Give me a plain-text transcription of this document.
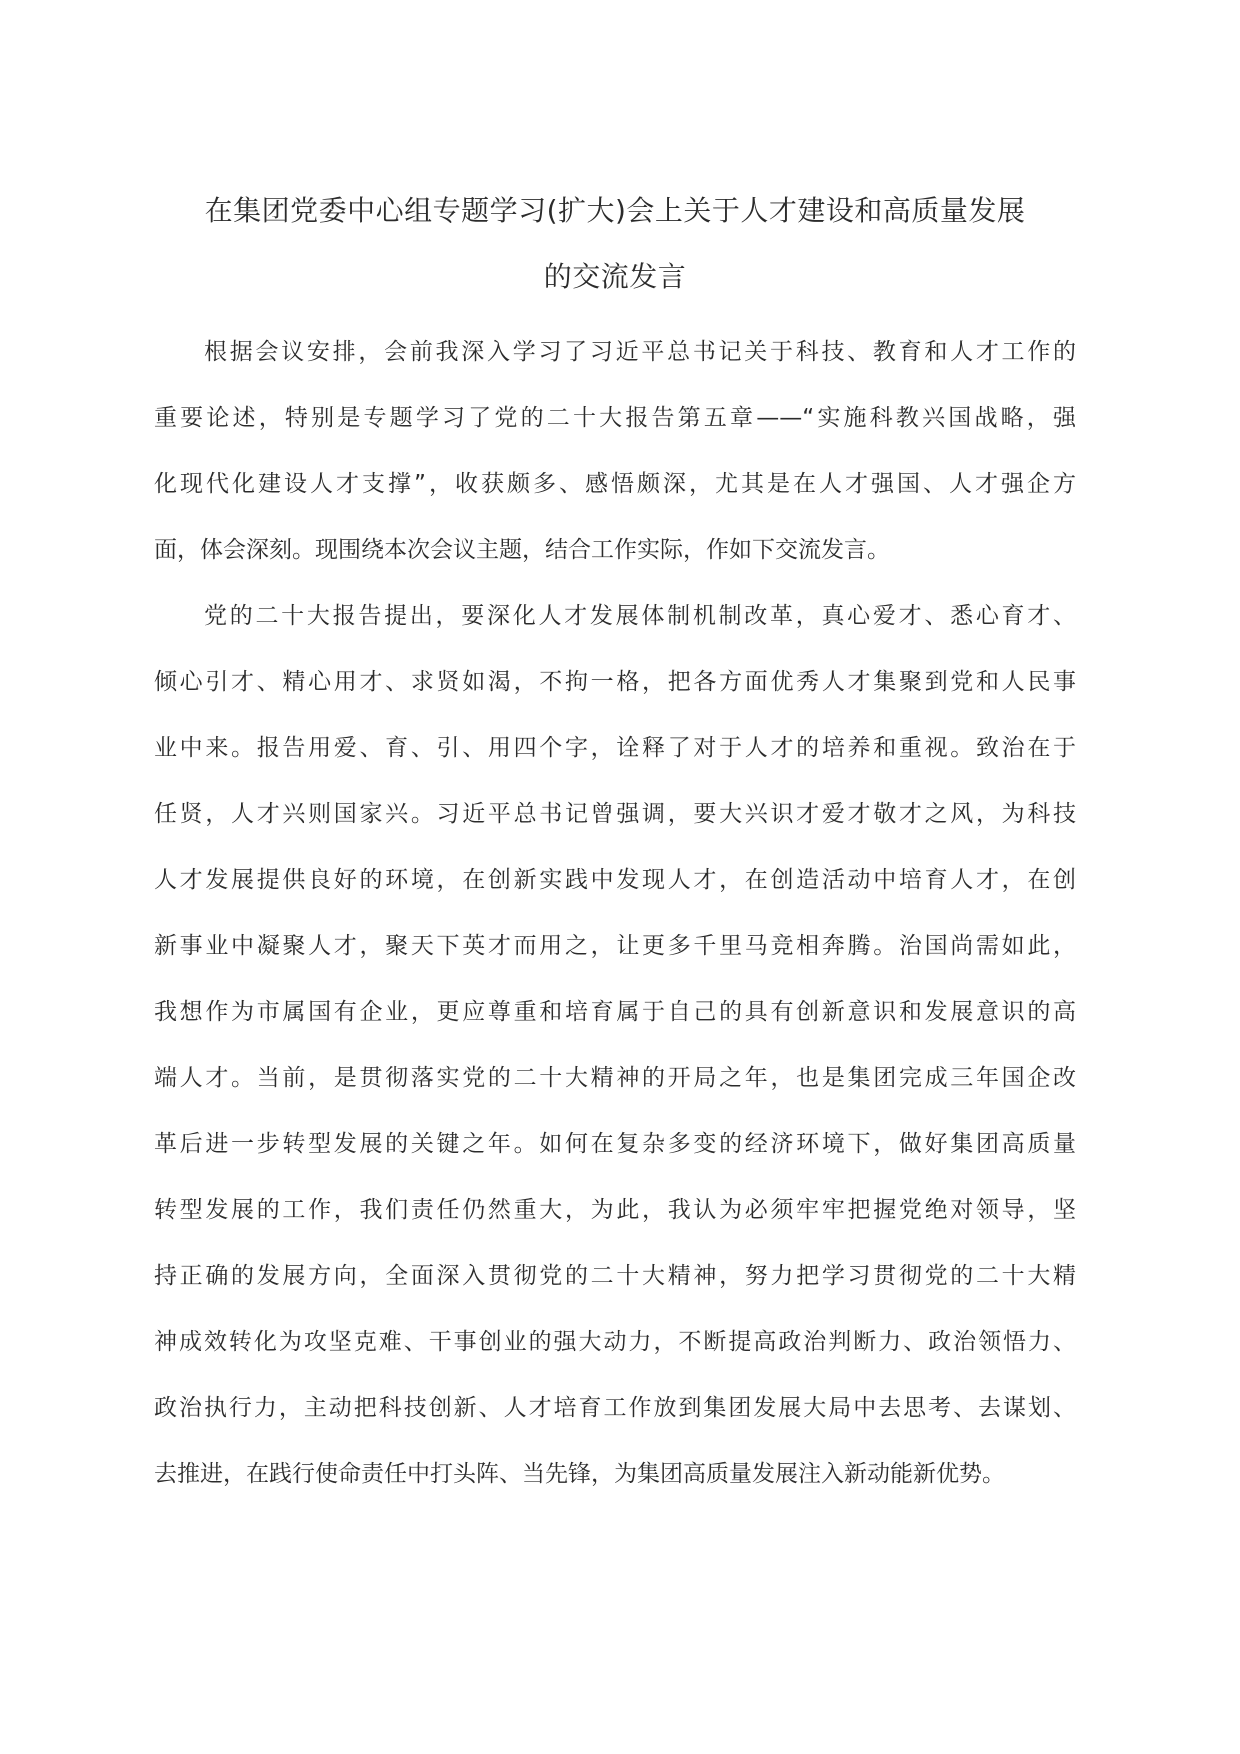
在集团党委中心组专题学习(扩大)会上关于人才建设和高质量发展
的交流发言

根据会议安排，会前我深入学习了习近平总书记关于科技、教育和人才工作的
重要论述，特别是专题学习了党的二十大报告第五章——“实施科教兴国战略，强
化现代化建设人才支撑”，收获颇多、感悟颇深，尤其是在人才强国、人才强企方
面，体会深刻。现围绕本次会议主题，结合工作实际，作如下交流发言。

党的二十大报告提出，要深化人才发展体制机制改革，真心爱才、悉心育才、
倾心引才、精心用才、求贤如渴，不拘一格，把各方面优秀人才集聚到党和人民事
业中来。报告用爱、育、引、用四个字，诠释了对于人才的培养和重视。致治在于
任贤，人才兴则国家兴。习近平总书记曾强调，要大兴识才爱才敬才之风，为科技
人才发展提供良好的环境，在创新实践中发现人才，在创造活动中培育人才，在创
新事业中凝聚人才，聚天下英才而用之，让更多千里马竞相奔腾。治国尚需如此，
我想作为市属国有企业，更应尊重和培育属于自己的具有创新意识和发展意识的高
端人才。当前，是贯彻落实党的二十大精神的开局之年，也是集团完成三年国企改
革后进一步转型发展的关键之年。如何在复杂多变的经济环境下，做好集团高质量
转型发展的工作，我们责任仍然重大，为此，我认为必须牢牢把握党绝对领导，坚
持正确的发展方向，全面深入贯彻党的二十大精神，努力把学习贯彻党的二十大精
神成效转化为攻坚克难、干事创业的强大动力，不断提高政治判断力、政治领悟力、
政治执行力，主动把科技创新、人才培育工作放到集团发展大局中去思考、去谋划、
去推进，在践行使命责任中打头阵、当先锋，为集团高质量发展注入新动能新优势。
